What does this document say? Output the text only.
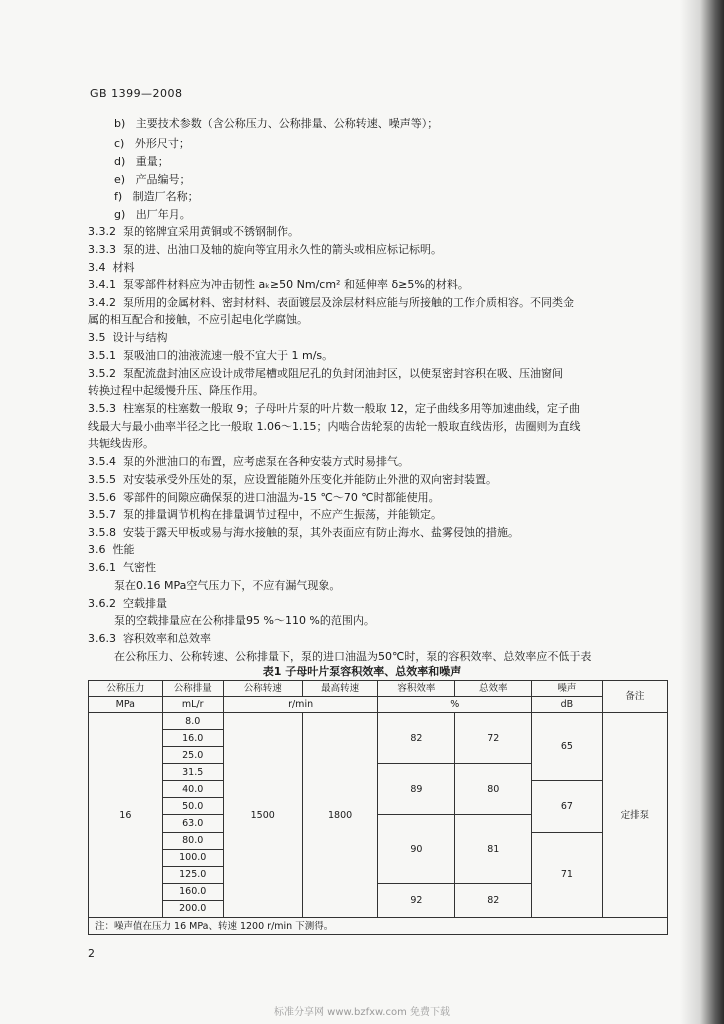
GB 1399—2008
b) 主要技术参数（含公称压力、公称排量、公称转速、噪声等）；
c) 外形尺寸；
d) 重量；
e) 产品编号；
f) 制造厂名称；
g) 出厂年月。
3.3.2 泵的铭牌宜采用黄铜或不锈钢制作。
3.3.3 泵的进、出油口及轴的旋向等宜用永久性的箭头或相应标记标明。
3.4 材料
3.4.1 泵零部件材料应为冲击韧性 aₖ≥50 Nm/cm² 和延伸率 δ≥5%的材料。
3.4.2 泵所用的金属材料、密封材料、表面镀层及涂层材料应能与所接触的工作介质相容。不同类金
属的相互配合和接触，不应引起电化学腐蚀。
3.5 设计与结构
3.5.1 泵吸油口的油液流速一般不宜大于 1 m/s。
3.5.2 泵配流盘封油区应设计成带尾槽或阻尼孔的负封闭油封区，以使泵密封容积在吸、压油窗间
转换过程中起缓慢升压、降压作用。
3.5.3 柱塞泵的柱塞数一般取 9；子母叶片泵的叶片数一般取 12，定子曲线多用等加速曲线，定子曲
线最大与最小曲率半径之比一般取 1.06～1.15；内啮合齿轮泵的齿轮一般取直线齿形，齿圈则为直线
共轭线齿形。
3.5.4 泵的外泄油口的布置，应考虑泵在各种安装方式时易排气。
3.5.5 对安装承受外压处的泵，应设置能随外压变化并能防止外泄的双向密封装置。
3.5.6 零部件的间隙应确保泵的进口油温为-15 ℃～70 ℃时都能使用。
3.5.7 泵的排量调节机构在排量调节过程中，不应产生振荡，并能锁定。
3.5.8 安装于露天甲板或易与海水接触的泵，其外表面应有防止海水、盐雾侵蚀的措施。
3.6 性能
3.6.1 气密性
泵在0.16 MPa空气压力下，不应有漏气现象。
3.6.2 空载排量
泵的空载排量应在公称排量95 %～110 %的范围内。
3.6.3 容积效率和总效率
在公称压力、公称转速、公称排量下，泵的进口油温为50℃时，泵的容积效率、总效率应不低于表
表1 子母叶片泵容积效率、总效率和噪声
公称压力	公称排量	公称转速	最高转速	容积效率	总效率	噪声	备注
MPa	mL/r	r/min		%		dB	
16	8.0	1500	1800	82	72	65	定排泵
	16.0						
	25.0						
	31.5			89	80		
	40.0					67	
	50.0						
	63.0			90	81		
	80.0					71	
	100.0						
	125.0						
	160.0			92	82		
	200.0						
注：噪声值在压力 16 MPa、转速 1200 r/min 下测得。							
2
标准分享网 www.bzfxw.com 免费下载
